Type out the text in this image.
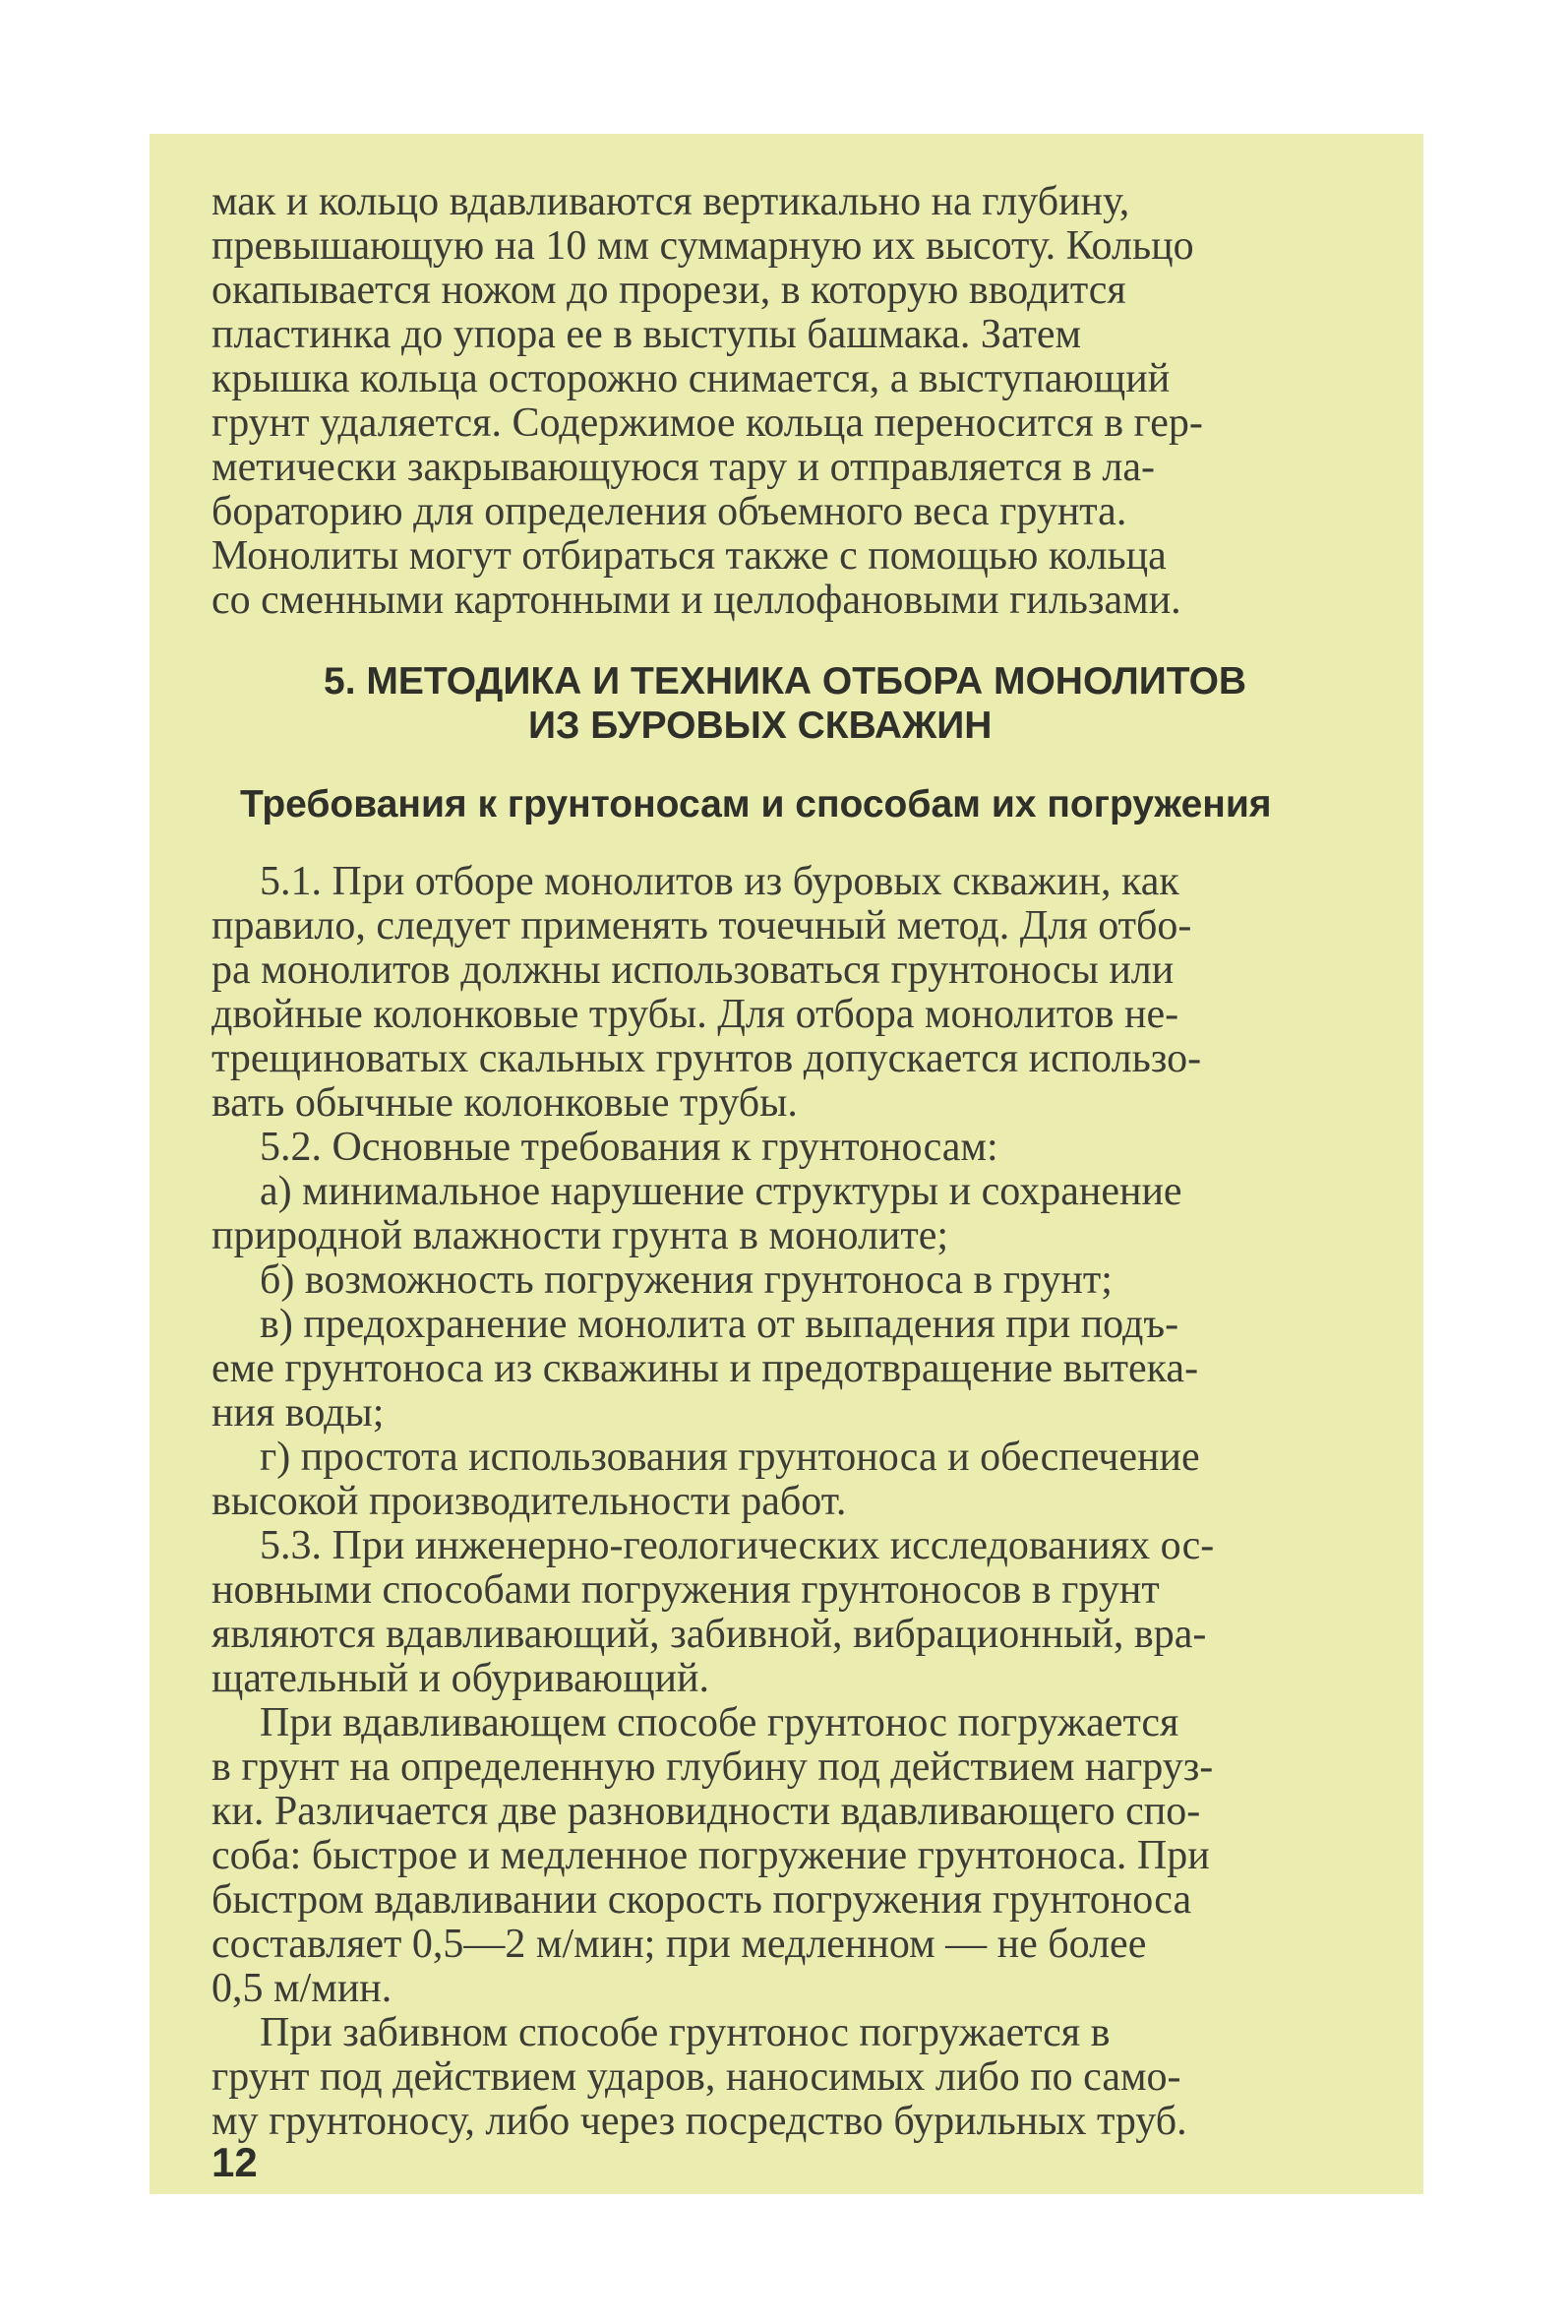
мак и кольцо вдавливаются вертикально на глубину,
превышающую на 10 мм суммарную их высоту. Кольцо
окапывается ножом до прорези, в которую вводится
пластинка до упора ее в выступы башмака. Затем
крышка кольца осторожно снимается, а выступающий
грунт удаляется. Содержимое кольца переносится в гер-
метически закрывающуюся тару и отправляется в ла-
бораторию для определения объемного веса грунта.
Монолиты могут отбираться также с помощью кольца
со сменными картонными и целлофановыми гильзами.
5. МЕТОДИКА И ТЕХНИКА ОТБОРА МОНОЛИТОВ
ИЗ БУРОВЫХ СКВАЖИН
Требования к грунтоносам и способам их погружения
5.1. При отборе монолитов из буровых скважин, как
правило, следует применять точечный метод. Для отбо-
ра монолитов должны использоваться грунтоносы или
двойные колонковые трубы. Для отбора монолитов не-
трещиноватых скальных грунтов допускается использо-
вать обычные колонковые трубы.
5.2. Основные требования к грунтоносам:
а) минимальное нарушение структуры и сохранение
природной влажности грунта в монолите;
б) возможность погружения грунтоноса в грунт;
в) предохранение монолита от выпадения при подъ-
еме грунтоноса из скважины и предотвращение вытека-
ния воды;
г) простота использования грунтоноса и обеспечение
высокой производительности работ.
5.3. При инженерно-геологических исследованиях ос-
новными способами погружения грунтоносов в грунт
являются вдавливающий, забивной, вибрационный, вра-
щательный и обуривающий.
При вдавливающем способе грунтонос погружается
в грунт на определенную глубину под действием нагруз-
ки. Различается две разновидности вдавливающего спо-
соба: быстрое и медленное погружение грунтоноса. При
быстром вдавливании скорость погружения грунтоноса
составляет 0,5—2 м/мин; при медленном — не более
0,5 м/мин.
При забивном способе грунтонос погружается в
грунт под действием ударов, наносимых либо по само-
му грунтоносу, либо через посредство бурильных труб.
12
